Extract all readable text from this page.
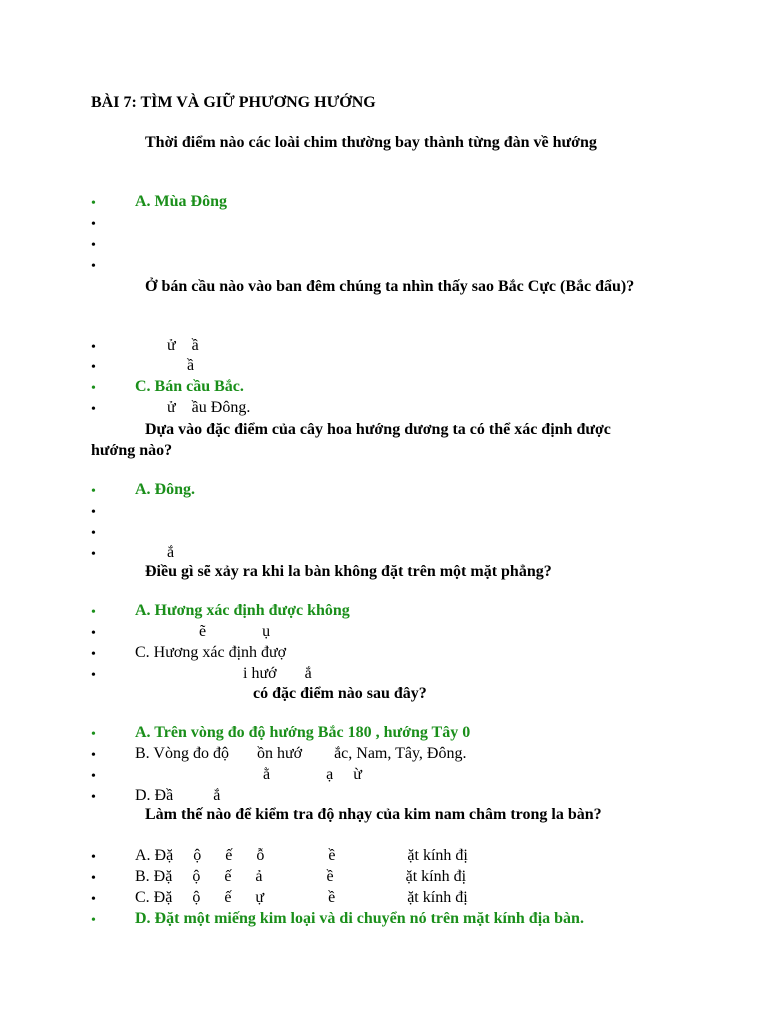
BÀI 7: TÌM VÀ GIỮ PHƯƠNG HƯỚNG
Thời điểm nào các loài chim thường bay thành từng đàn về hướng
• A. Mùa Đông
•
•
•
Ở bán cầu nào vào ban đêm chúng ta nhìn thấy sao Bắc Cực (Bắc đẩu)?
• ử    ầ
• ầ
• C. Bán cầu Bắc.
• ử    ầu Đông.
Dựa vào đặc điểm của cây hoa hướng dương ta có thể xác định được hướng nào?
• A. Đông.
•
•
• ắ
Điều gì sẽ xảy ra khi la bàn không đặt trên một mặt phẳng?
• A. Hương xác định được không
• ẽ              ụ
• C. Hương xác định đượ
• i hướ       ắ
có đặc điểm nào sau đây?
• A. Trên vòng đo độ hướng Bắc 180 , hướng Tây 0
• B. Vòng đo độ       ồn hướ        ắc, Nam, Tây, Đông.
• ằ              ạ     ừ
• D. Đầ          ắ
Làm thế nào để kiểm tra độ nhạy của kim nam châm trong la bàn?
• A. Đặ     ộ      ế      ỗ                ề                  ặt kính đị
• B. Đặ     ộ      ế      ả                ề                  ặt kính đị
• C. Đặ     ộ      ế      ự                ề                  ặt kính đị
• D. Đặt một miếng kim loại và di chuyển nó trên mặt kính địa bàn.
